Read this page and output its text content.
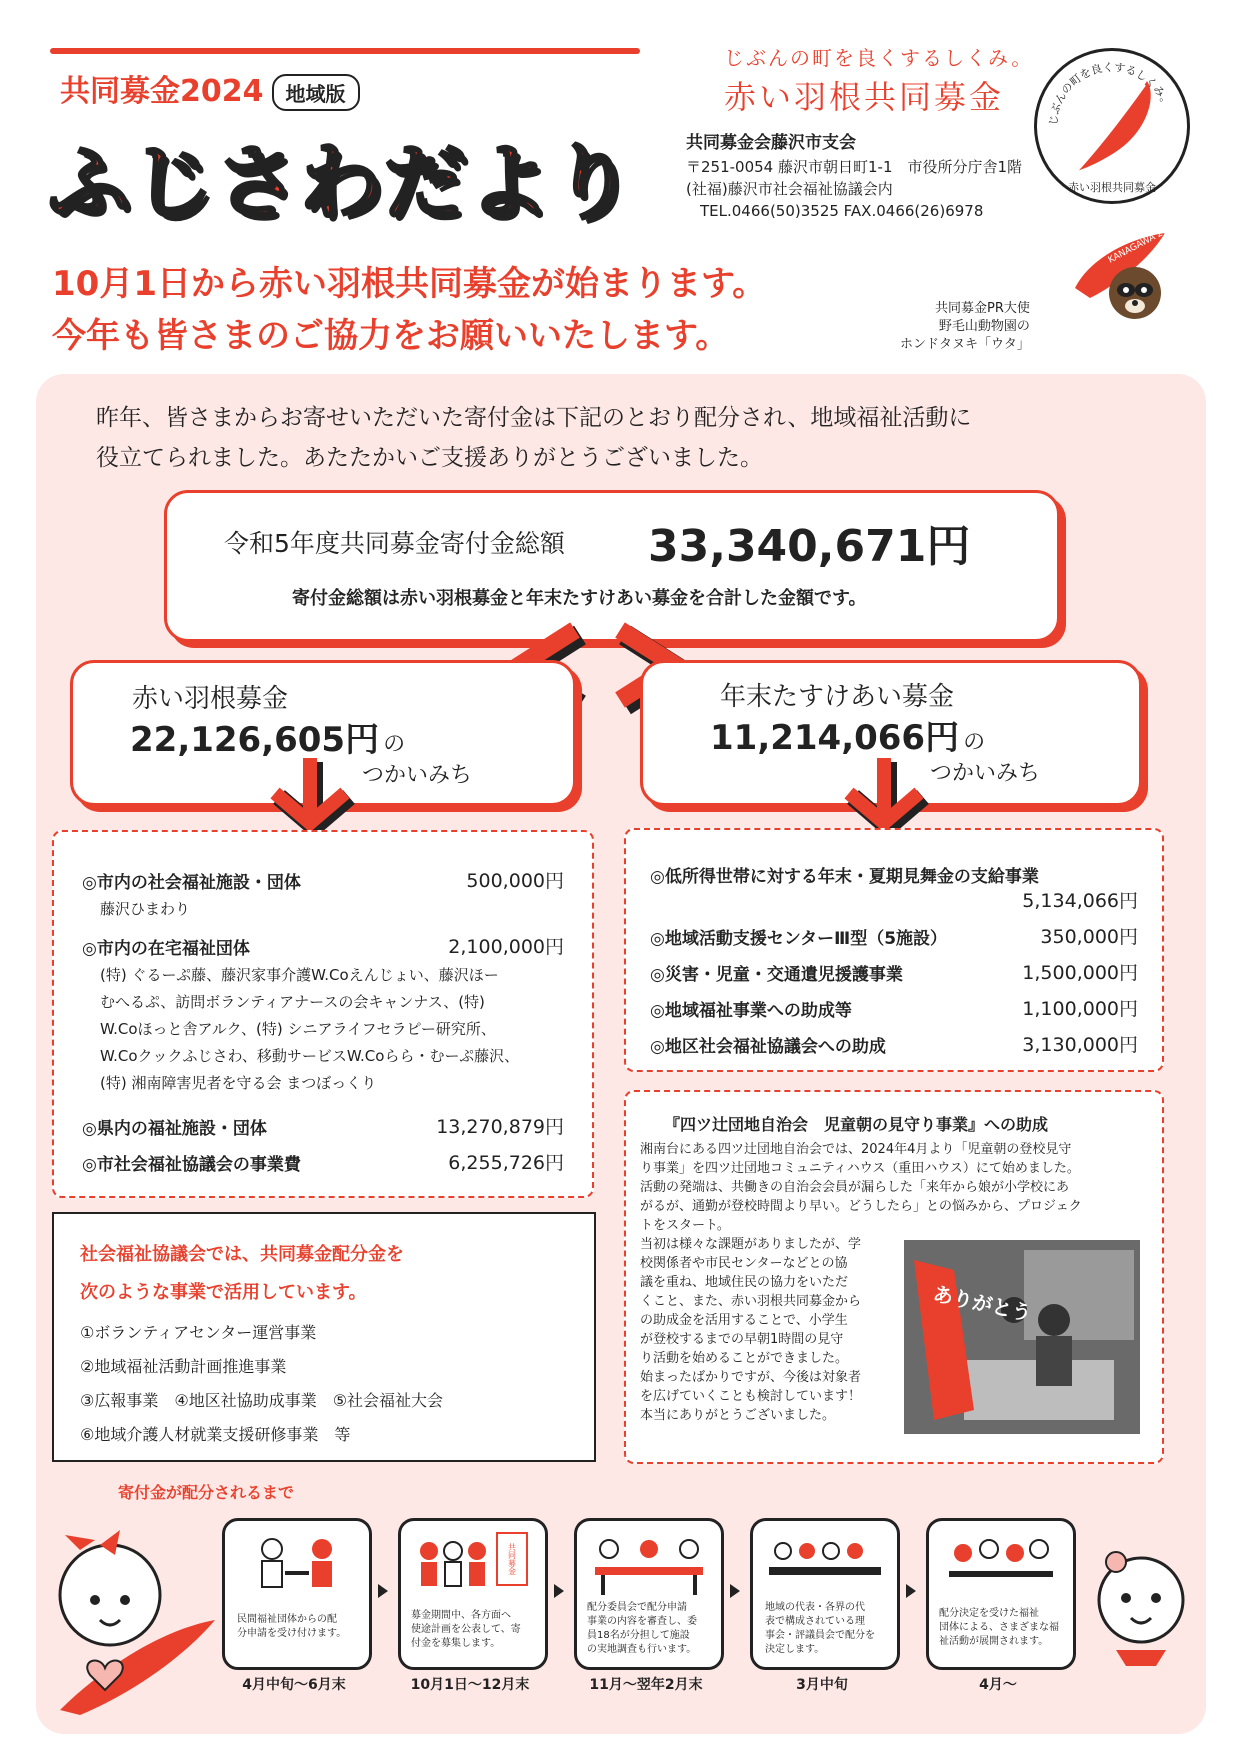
共同募金2024 地域版
ふじさわだより
じぶんの町を良くするしくみ。
赤い羽根共同募金
じぶんの町を良くするしくみ。
赤い羽根共同募金
共同募金会藤沢市支会
〒251-0054 藤沢市朝日町1-1　市役所分庁舎1階
(社福)藤沢市社会福祉協議会内
TEL.0466(50)3525 FAX.0466(26)6978
10月1日から赤い羽根共同募金が始まります。
今年も皆さまのご協力をお願いいたします。
KANAGAWA 2024
共同募金PR大使
野毛山動物園の
ホンドタヌキ「ウタ」
昨年、皆さまからお寄せいただいた寄付金は下記のとおり配分され、地域福祉活動に
役立てられました。あたたかいご支援ありがとうございました。
令和5年度共同募金寄付金総額 33,340,671円
寄付金総額は赤い羽根募金と年末たすけあい募金を合計した金額です。
赤い羽根募金
22,126,605円 の
つかいみち
年末たすけあい募金
11,214,066円 の
つかいみち
◎市内の社会福祉施設・団体	500,000円
藤沢ひまわり
◎市内の在宅福祉団体	2,100,000円
(特) ぐるーぷ藤、藤沢家事介護W.Coえんじょい、藤沢ほー
むへるぷ、訪問ボランティアナースの会キャンナス、(特)
W.Coほっと舎アルク、(特) シニアライフセラピー研究所、
W.Coクックふじさわ、移動サービスW.Coらら・むーぷ藤沢、
(特) 湘南障害児者を守る会 まつぼっくり
◎県内の福祉施設・団体	13,270,879円
◎市社会福祉協議会の事業費	6,255,726円
◎低所得世帯に対する年末・夏期見舞金の支給事業
5,134,066円
◎地域活動支援センターⅢ型（5施設）	350,000円
◎災害・児童・交通遺児援護事業	1,500,000円
◎地域福祉事業への助成等	1,100,000円
◎地区社会福祉協議会への助成	3,130,000円
社会福祉協議会では、共同募金配分金を
次のような事業で活用しています。
①ボランティアセンター運営事業
②地域福祉活動計画推進事業
③広報事業　④地区社協助成事業　⑤社会福祉大会
⑥地域介護人材就業支援研修事業　等
『四ツ辻団地自治会　児童朝の見守り事業』への助成
湘南台にある四ツ辻団地自治会では、2024年4月より「児童朝の登校見守
り事業」を四ツ辻団地コミュニティハウス（重田ハウス）にて始めました。
活動の発端は、共働きの自治会会員が漏らした「来年から娘が小学校にあ
がるが、通勤が登校時間より早い。どうしたら」との悩みから、プロジェク
トをスタート。
当初は様々な課題がありましたが、学
校関係者や市民センターなどとの協
議を重ね、地域住民の協力をいただ
くこと、また、赤い羽根共同募金から
の助成金を活用することで、小学生
が登校するまでの早朝1時間の見守
り活動を始めることができました。
始まったばかりですが、今後は対象者
を広げていくことも検討しています！
本当にありがとうございました。
ありがとう
寄付金が配分されるまで
民間福祉団体からの配
分申請を受け付けます。
4月中旬〜6月末
共同募金
募金期間中、各方面へ
使途計画を公表して、寄
付金を募集します。
10月1日〜12月末
配分委員会で配分申請
事業の内容を審査し、委
員18名が分担して施設
の実地調査も行います。
11月〜翌年2月末
地域の代表・各界の代
表で構成されている理
事会・評議員会で配分を
決定します。
3月中旬
配分決定を受けた福祉
団体による、さまざまな福
祉活動が展開されます。
4月〜
